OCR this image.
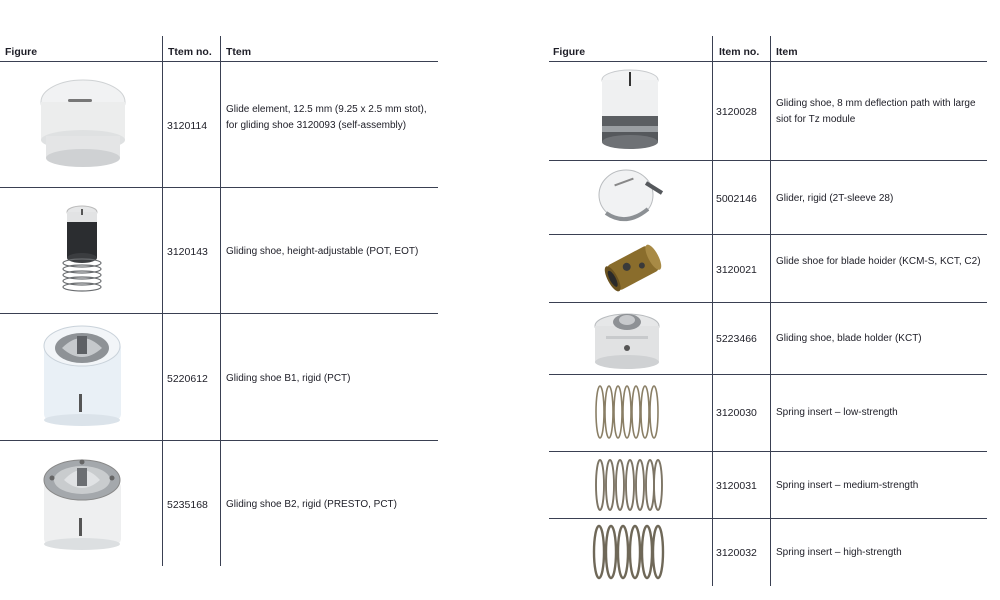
Figure	Ttem no. Ttem
3120114
Glide element, 12.5 mm (9.25 x 2.5 mm stot), for gliding shoe 3120093 (self-assembly)
3120143 Gliding shoe, height-adjustable (POT, EOT)
5220612 Gliding shoe B1, rigid (PCT)
5235168 Gliding shoe B2, rigid (PRESTO, PCT)
Figure	Item no. Item
3120028
Gliding shoe, 8 mm deflection path with large siot for Tz module
5002146 Glider, rigid (2T-sleeve 28)
3120021
Glide shoe for blade hoider (KCM-S, KCT, C2)
5223466 Gliding shoe, blade holder (KCT)
3120030 Spring insert – low-strength
3120031 Spring insert – medium-strength
3120032 Spring insert – high-strength
